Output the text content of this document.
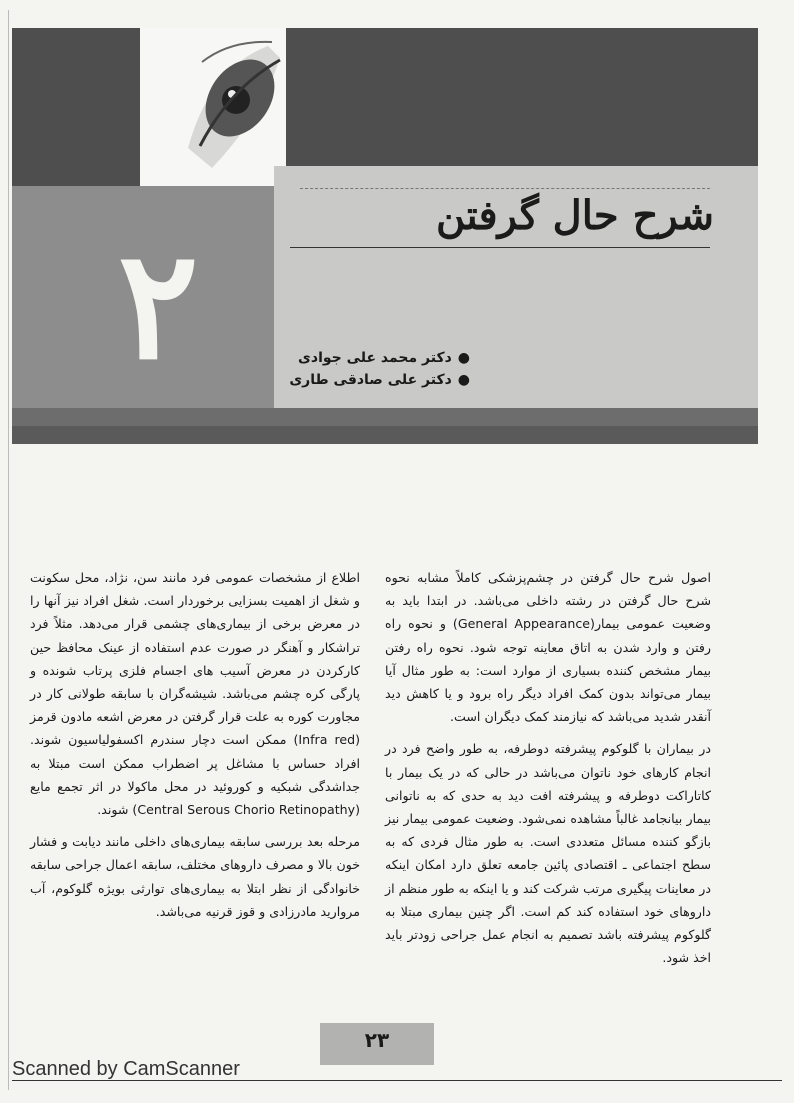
شرح حال گرفتن
۲	●دکتر محمد علی جوادی
●دکتر علی صادقی طاری

اصول شرح حال گرفتن در چشم‌پزشکی کاملاً مشابه نحوه شرح حال گرفتن در رشته داخلی می‌باشد. در ابتدا باید به وضعیت عمومی بیمار(General Appearance) و نحوه راه رفتن و وارد شدن به اتاق معاینه توجه شود. نحوه راه رفتن بیمار مشخص کننده بسیاری از موارد است: به طور مثال آیا بیمار می‌تواند بدون کمک افراد دیگر راه برود و یا کاهش دید آنقدر شدید می‌باشد که نیازمند کمک دیگران است.

در بیماران با گلوکوم پیشرفته دوطرفه، به طور واضح فرد در انجام کارهای خود ناتوان می‌باشد در حالی که در یک بیمار با کاتاراکت دوطرفه و پیشرفته افت دید به حدی که به ناتوانی بیمار بیانجامد غالباً مشاهده نمی‌شود. وضعیت عمومی بیمار نیز بازگو کننده مسائل متعددی است. به طور مثال فردی که به سطح اجتماعی ـ اقتصادی پائین جامعه تعلق دارد امکان اینکه در معاینات پیگیری مرتب شرکت کند و یا اینکه به طور منظم از داروهای خود استفاده کند کم است. اگر چنین بیماری مبتلا به گلوکوم پیشرفته باشد تصمیم به انجام عمل جراحی زودتر باید اخذ شود.

اطلاع از مشخصات عمومی فرد مانند سن، نژاد، محل سکونت و شغل از اهمیت بسزایی برخوردار است. شغل افراد نیز آنها را در معرض برخی از بیماری‌های چشمی قرار می‌دهد. مثلاً فرد تراشکار و آهنگر در صورت عدم استفاده از عینک محافظ حین کارکردن در معرض آسیب های اجسام فلزی پرتاب شونده و پارگی کره چشم می‌باشد. شیشه‌گران با سابقه طولانی کار در مجاورت کوره به علت قرار گرفتن در معرض اشعه مادون قرمز (Infra red) ممکن است دچار سندرم اکسفولیاسیون شوند. افراد حساس با مشاغل پر اضطراب ممکن است مبتلا به جداشدگی شبکیه و کوروئید در محل ماکولا در اثر تجمع مایع (Central Serous Chorio Retinopathy) شوند.

مرحله بعد بررسی سابقه بیماری‌های داخلی مانند دیابت و فشار خون بالا و مصرف داروهای مختلف، سابقه اعمال جراحی سابقه خانوادگی از نظر ابتلا به بیماری‌های توارثی بویژه گلوکوم، آب مروارید مادرزادی و قوز قرنیه می‌باشد.

۲۳
Scanned by CamScanner
